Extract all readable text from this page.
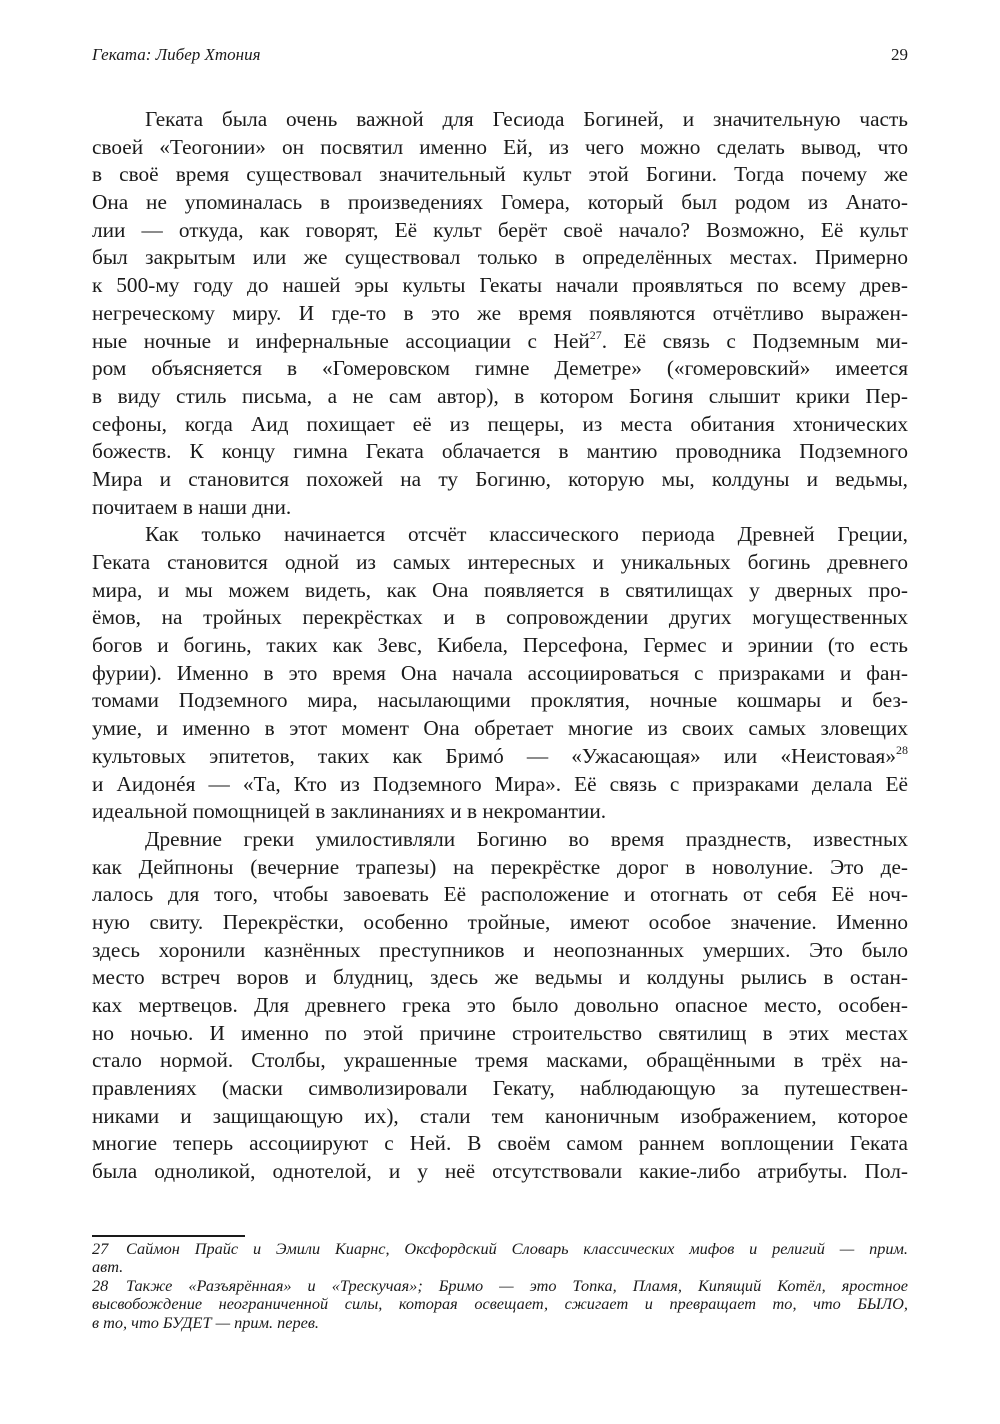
Геката: Либер Хтония	29
Геката была очень важной для Гесиода Богиней, и значительную часть
своей «Теогонии» он посвятил именно Ей, из чего можно сделать вывод, что
в своё время существовал значительный культ этой Богини. Тогда почему же
Она не упоминалась в произведениях Гомера, который был родом из Анато-
лии — откуда, как говорят, Её культ берёт своё начало? Возможно, Её культ
был закрытым или же существовал только в определённых местах. Примерно
к 500-му году до нашей эры культы Гекаты начали проявляться по всему древ-
негреческому миру. И где-то в это же время появляются отчётливо выражен-
ные ночные и инфернальные ассоциации с Ней$^{27}$. Её связь с Подземным ми-
ром объясняется в «Гомеровском гимне Деметре» («гомеровский» имеется
в виду стиль письма, а не сам автор), в котором Богиня слышит крики Пер-
сефоны, когда Аид похищает её из пещеры, из места обитания хтонических
божеств. К концу гимна Геката облачается в мантию проводника Подземного
Мира и становится похожей на ту Богиню, которую мы, колдуны и ведьмы,
почитаем в наши дни.
Как только начинается отсчёт классического периода Древней Греции,
Геката становится одной из самых интересных и уникальных богинь древнего
мира, и мы можем видеть, как Она появляется в святилищах у дверных про-
ёмов, на тройных перекрёстках и в сопровождении других могущественных
богов и богинь, таких как Зевс, Кибела, Персефона, Гермес и эринии (то есть
фурии). Именно в это время Она начала ассоциироваться с призраками и фан-
томами Подземного мира, насылающими проклятия, ночные кошмары и без-
умие, и именно в этот момент Она обретает многие из своих самых зловещих
культовых эпитетов, таких как Бримó — «Ужасающая» или «Неистовая»$^{28}$
и Аидонéя — «Та, Кто из Подземного Мира». Её связь с призраками делала Её
идеальной помощницей в заклинаниях и в некромантии.
Древние греки умилостивляли Богиню во время празднеств, известных
как Дейпноны (вечерние трапезы) на перекрёстке дорог в новолуние. Это де-
лалось для того, чтобы завоевать Её расположение и отогнать от себя Её ноч-
ную свиту. Перекрёстки, особенно тройные, имеют особое значение. Именно
здесь хоронили казнённых преступников и неопознанных умерших. Это было
место встреч воров и блудниц, здесь же ведьмы и колдуны рылись в остан-
ках мертвецов. Для древнего грека это было довольно опасное место, особен-
но ночью. И именно по этой причине строительство святилищ в этих местах
стало нормой. Столбы, украшенные тремя масками, обращёнными в трёх на-
правлениях (маски символизировали Гекату, наблюдающую за путешествен-
никами и защищающую их), стали тем каноничным изображением, которое
многие теперь ассоциируют с Ней. В своём самом раннем воплощении Геката
была одноликой, однотелой, и у неё отсутствовали какие-либо атрибуты. Пол-
27 Саймон Прайс и Эмили Киарнс, Оксфордский Словарь классических мифов и религий — прим.
авт.
28 Также «Разъярённая» и «Трескучая»; Бримо — это Топка, Пламя, Кипящий Котёл, яростное
высвобождение неограниченной силы, которая освещает, сжигает и превращает то, что БЫЛО,
в то, что БУДЕТ — прим. перев.
